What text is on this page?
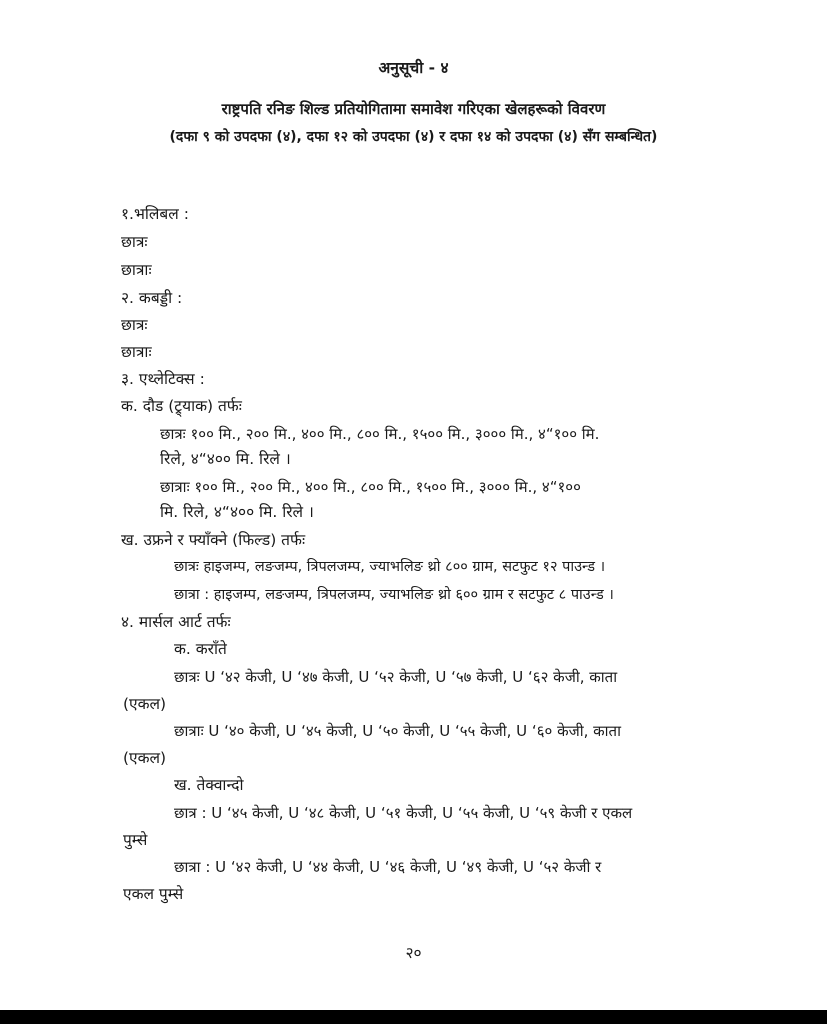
अनुसूची - ४
राष्ट्रपति रनिङ शिल्ड प्रतियोगितामा समावेश गरिएका खेलहरूको विवरण
(दफा ९ को उपदफा (४), दफा १२ को उपदफा (४) र दफा १४ को उपदफा (४) सँग सम्बन्धित)
१.भलिबल :
छात्रः
छात्राः
२. कबड्डी :
छात्रः
छात्राः
३. एथ्लेटिक्स :
क. दौड (ट्र्याक) तर्फः
छात्रः १०० मि., २०० मि., ४०० मि., ८०० मि., १५०० मि., ३००० मि., ४“१०० मि.
रिले, ४“४०० मि. रिले ।
छात्राः १०० मि., २०० मि., ४०० मि., ८०० मि., १५०० मि., ३००० मि., ४“१००
मि. रिले, ४“४०० मि. रिले ।
ख. उफ्रने र फ्याँक्ने (फिल्ड) तर्फः
छात्रः हाइजम्प, लङजम्प, त्रिपलजम्प, ज्याभलिङ थ्रो ८०० ग्राम, सटफुट १२ पाउन्ड ।
छात्रा : हाइजम्प, लङजम्प, त्रिपलजम्प, ज्याभलिङ थ्रो ६०० ग्राम र सटफुट ८ पाउन्ड ।
४. मार्सल आर्ट तर्फः
क. कराँते
छात्रः U ‘४२ केजी, U ‘४७ केजी, U ‘५२ केजी, U ‘५७ केजी, U ‘६२ केजी, काता
(एकल)
छात्राः U ‘४० केजी, U ‘४५ केजी, U ‘५० केजी, U ‘५५ केजी, U ‘६० केजी, काता
(एकल)
ख. तेक्वान्दो
छात्र : U ‘४५ केजी, U ‘४८ केजी, U ‘५१ केजी, U ‘५५ केजी, U ‘५९ केजी र एकल
पुम्से
छात्रा : U ‘४२ केजी, U ‘४४ केजी, U ‘४६ केजी, U ‘४९ केजी, U ‘५२ केजी र
एकल पुम्से
२०
